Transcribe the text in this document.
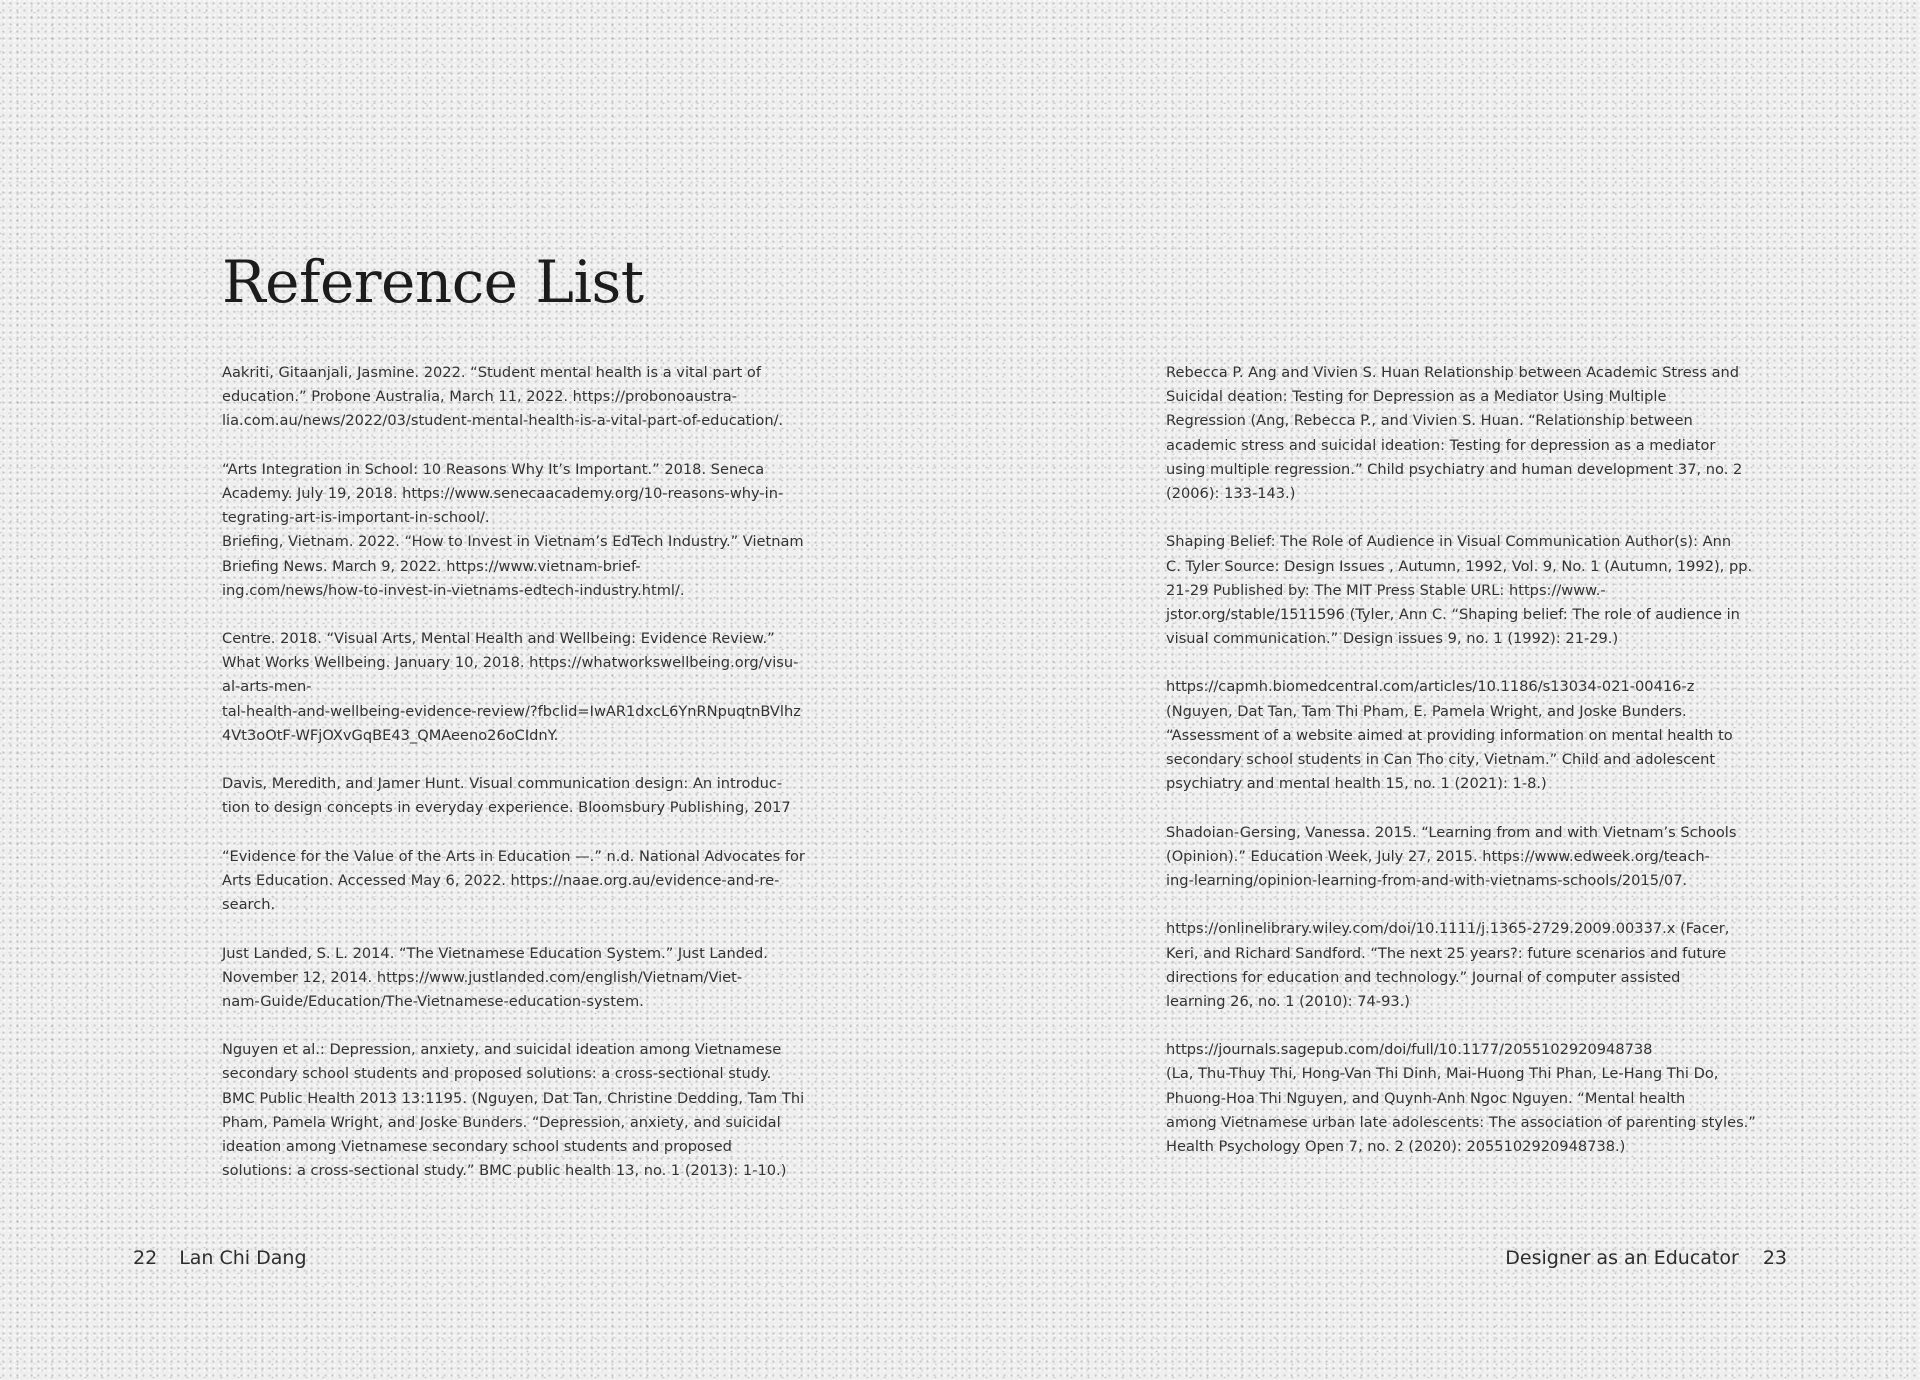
Reference List

Aakriti, Gitaanjali, Jasmine. 2022. “Student mental health is a vital part of
education.” Probone Australia, March 11, 2022. https://probonoaustra-
lia.com.au/news/2022/03/student-mental-health-is-a-vital-part-of-education/.

“Arts Integration in School: 10 Reasons Why It’s Important.” 2018. Seneca
Academy. July 19, 2018. https://www.senecaacademy.org/10-reasons-why-in-
tegrating-art-is-important-in-school/.

Briefing, Vietnam. 2022. “How to Invest in Vietnam’s EdTech Industry.” Vietnam
Briefing News. March 9, 2022. https://www.vietnam-brief-
ing.com/news/how-to-invest-in-vietnams-edtech-industry.html/.

Centre. 2018. “Visual Arts, Mental Health and Wellbeing: Evidence Review.”
What Works Wellbeing. January 10, 2018. https://whatworkswellbeing.org/visu-
al-arts-men-
tal-health-and-wellbeing-evidence-review/?fbclid=IwAR1dxcL6YnRNpuqtnBVlhz
4Vt3oOtF-WFjOXvGqBE43_QMAeeno26oCIdnY.

Davis, Meredith, and Jamer Hunt. Visual communication design: An introduc-
tion to design concepts in everyday experience. Bloomsbury Publishing, 2017

“Evidence for the Value of the Arts in Education —.” n.d. National Advocates for
Arts Education. Accessed May 6, 2022. https://naae.org.au/evidence-and-re-
search.

Just Landed, S. L. 2014. “The Vietnamese Education System.” Just Landed.
November 12, 2014. https://www.justlanded.com/english/Vietnam/Viet-
nam-Guide/Education/The-Vietnamese-education-system.

Nguyen et al.: Depression, anxiety, and suicidal ideation among Vietnamese
secondary school students and proposed solutions: a cross-sectional study.
BMC Public Health 2013 13:1195. (Nguyen, Dat Tan, Christine Dedding, Tam Thi
Pham, Pamela Wright, and Joske Bunders. “Depression, anxiety, and suicidal
ideation among Vietnamese secondary school students and proposed
solutions: a cross-sectional study.” BMC public health 13, no. 1 (2013): 1-10.)

22 Lan Chi Dang

Rebecca P. Ang and Vivien S. Huan Relationship between Academic Stress and
Suicidal deation: Testing for Depression as a Mediator Using Multiple
Regression (Ang, Rebecca P., and Vivien S. Huan. “Relationship between
academic stress and suicidal ideation: Testing for depression as a mediator
using multiple regression.” Child psychiatry and human development 37, no. 2
(2006): 133-143.)

Shaping Belief: The Role of Audience in Visual Communication Author(s): Ann
C. Tyler Source: Design Issues , Autumn, 1992, Vol. 9, No. 1 (Autumn, 1992), pp.
21-29 Published by: The MIT Press Stable URL: https://www.-
jstor.org/stable/1511596 (Tyler, Ann C. “Shaping belief: The role of audience in
visual communication.” Design issues 9, no. 1 (1992): 21-29.)

https://capmh.biomedcentral.com/articles/10.1186/s13034-021-00416-z
(Nguyen, Dat Tan, Tam Thi Pham, E. Pamela Wright, and Joske Bunders.
“Assessment of a website aimed at providing information on mental health to
secondary school students in Can Tho city, Vietnam.” Child and adolescent
psychiatry and mental health 15, no. 1 (2021): 1-8.)

Shadoian-Gersing, Vanessa. 2015. “Learning from and with Vietnam’s Schools
(Opinion).” Education Week, July 27, 2015. https://www.edweek.org/teach-
ing-learning/opinion-learning-from-and-with-vietnams-schools/2015/07.

https://onlinelibrary.wiley.com/doi/10.1111/j.1365-2729.2009.00337.x (Facer,
Keri, and Richard Sandford. “The next 25 years?: future scenarios and future
directions for education and technology.” Journal of computer assisted
learning 26, no. 1 (2010): 74-93.)

https://journals.sagepub.com/doi/full/10.1177/2055102920948738
(La, Thu-Thuy Thi, Hong-Van Thi Dinh, Mai-Huong Thi Phan, Le-Hang Thi Do,
Phuong-Hoa Thi Nguyen, and Quynh-Anh Ngoc Nguyen. “Mental health
among Vietnamese urban late adolescents: The association of parenting styles.”
Health Psychology Open 7, no. 2 (2020): 2055102920948738.)

Designer as an Educator 23
